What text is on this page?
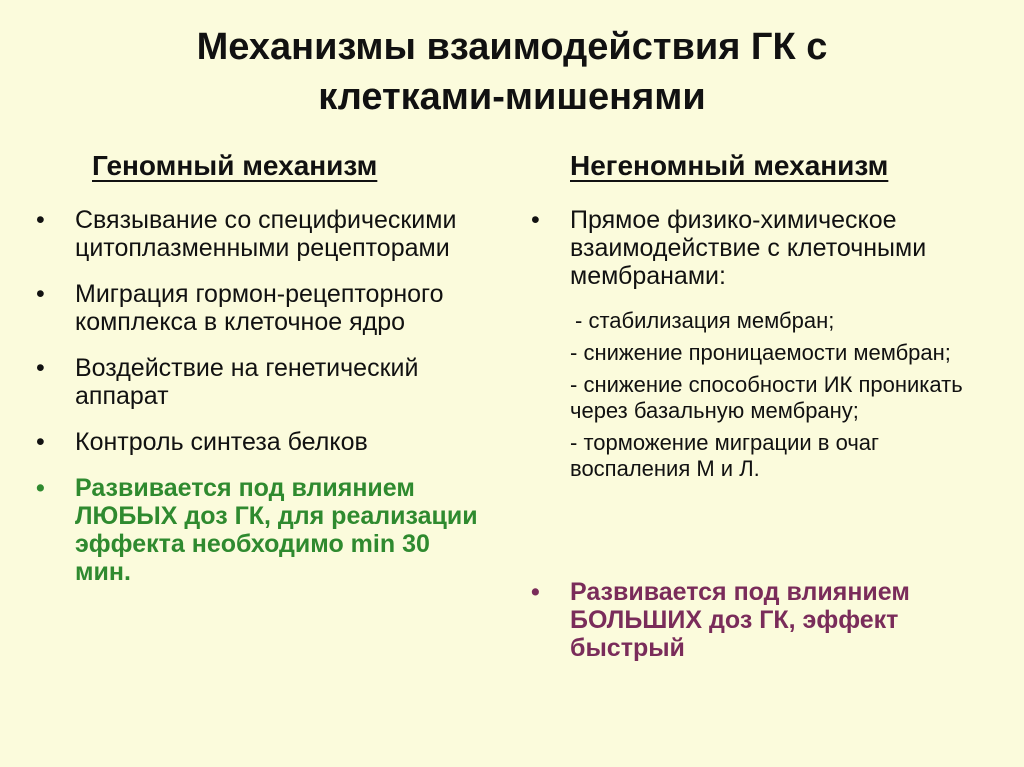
Механизмы взаимодействия ГК с
клетками-мишенями
Геномный механизм
• Связывание со специфическими цитоплазменными рецепторами
• Миграция гормон-рецепторного комплекса в клеточное ядро
• Воздействие на генетический аппарат
• Контроль синтеза белков
• Развивается под влиянием ЛЮБЫХ доз ГК, для реализации эффекта необходимо min 30 мин.
Негеномный механизм
• Прямое физико-химическое взаимодействие с клеточными мембранами:
- стабилизация мембран;
- снижение проницаемости мембран;
- снижение способности ИК проникать через базальную мембрану;
- торможение миграции в очаг воспаления М и Л.
• Развивается под влиянием БОЛЬШИХ доз ГК, эффект быстрый
